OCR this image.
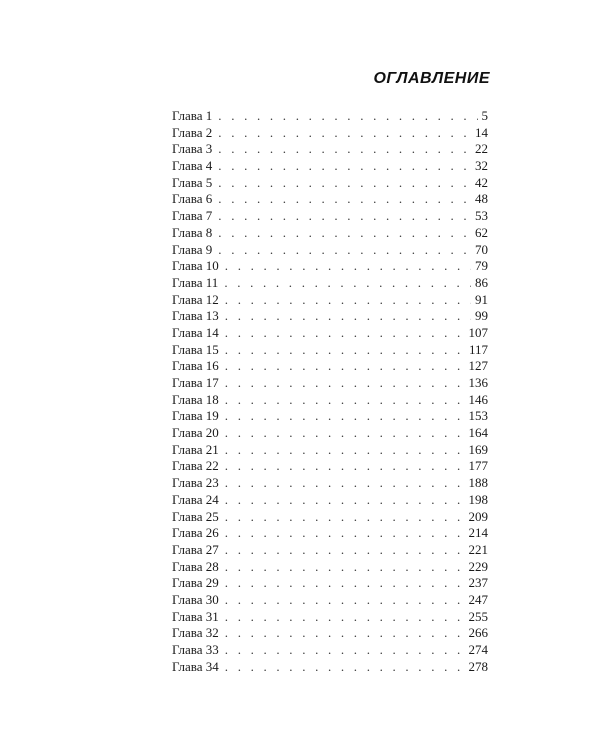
ОГЛАВЛЕНИЕ
Глава 1 . . .	5
Глава 2 . . .	14
Глава 3 . . .	22
Глава 4 . . .	32
Глава 5 . . .	42
Глава 6 . . .	48
Глава 7 . . .	53
Глава 8 . . .	62
Глава 9 . . .	70
Глава 10 . . .	79
Глава 11 . . .	86
Глава 12 . . .	91
Глава 13 . . .	99
Глава 14 . . .	107
Глава 15 . . .	117
Глава 16 . . .	127
Глава 17 . . .	136
Глава 18 . . .	146
Глава 19 . . .	153
Глава 20 . . .	164
Глава 21 . . .	169
Глава 22 . . .	177
Глава 23 . . .	188
Глава 24 . . .	198
Глава 25 . . .	209
Глава 26 . . .	214
Глава 27 . . .	221
Глава 28 . . .	229
Глава 29 . . .	237
Глава 30 . . .	247
Глава 31 . . .	255
Глава 32 . . .	266
Глава 33 . . .	274
Глава 34 . . .	278
